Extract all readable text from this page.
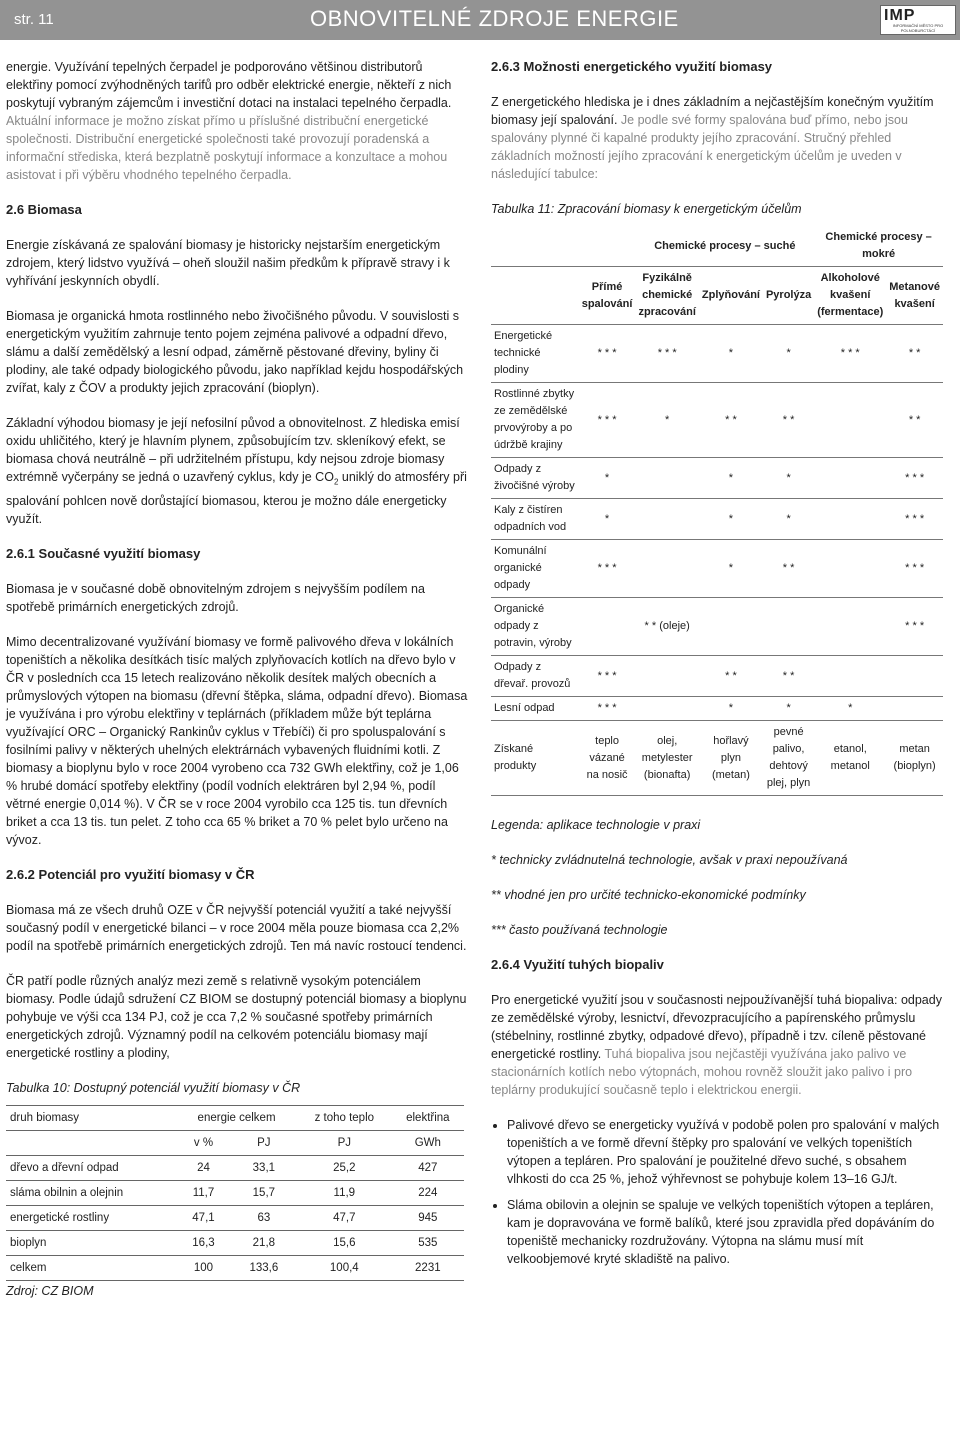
str. 11	OBNOVITELNÉ ZDROJE ENERGIE	IMP
INFORMAČNÍ MĚSTO PRO POLNOBURCTÁCÍ

energie. Využívání tepelných čerpadel je podporováno většinou distributorů elektřiny pomocí zvýhodněných tarifů pro odběr elektrické energie, někteří z nich poskytují vybraným zájemcům i investiční dotaci na instalaci tepelného čerpadla. Aktuální informace je možno získat přímo u příslušné distribuční energetické společnosti. Distribuční energetické společnosti také provozují poradenská a informační střediska, která bezplatně poskytují informace a konzultace a mohou asistovat i při výběru vhodného tepelného čerpadla.

2.6 Biomasa

Energie získávaná ze spalování biomasy je historicky nejstarším energetickým zdrojem, který lidstvo využívá – oheň sloužil našim předkům k přípravě stravy i k vyhřívání jeskynních obydlí.

Biomasa je organická hmota rostlinného nebo živočišného původu. V souvislosti s energetickým využitím zahrnuje tento pojem zejména palivové a odpadní dřevo, slámu a další zemědělský a lesní odpad, záměrně pěstované dřeviny, byliny či plodiny, ale také odpady biologického původu, jako například kejdu hospodářských zvířat, kaly z ČOV a produkty jejich zpracování (bioplyn).

Základní výhodou biomasy je její nefosilní původ a obnovitelnost. Z hlediska emisí oxidu uhličitého, který je hlavním plynem, způsobujícím tzv. skleníkový efekt, se biomasa chová neutrálně – při udržitelném přístupu, kdy nejsou zdroje biomasy extrémně vyčerpány se jedná o uzavřený cyklus, kdy je $CO_2$ uniklý do atmosféry při spalování pohlcen nově dorůstající biomasou, kterou je možno dále energeticky využít.

2.6.1 Současné využití biomasy

Biomasa je v současné době obnovitelným zdrojem s nejvyšším podílem na spotřebě primárních energetických zdrojů.

Mimo decentralizované využívání biomasy ve formě palivového dřeva v lokálních topeništích a několika desítkách tisíc malých zplyňovacích kotlích na dřevo bylo v ČR v posledních cca 15 letech realizováno několik desítek malých obecních a průmyslových výtopen na biomasu (dřevní štěpka, sláma, odpadní dřevo). Biomasa je využívána i pro výrobu elektřiny v teplárnách (příkladem může být teplárna využívající ORC – Organický Rankinův cyklus v Třebíči) či pro spoluspalování s fosilními palivy v některých uhelných elektrárnách vybavených fluidními kotli. Z biomasy a bioplynu bylo v roce 2004 vyrobeno cca 732 GWh elektřiny, což je 1,06 % hrubé domácí spotřeby elektřiny (podíl vodních elektráren byl 2,94 %, podíl větrné energie 0,014 %). V ČR se v roce 2004 vyrobilo cca 125 tis. tun dřevních briket a cca 13 tis. tun pelet. Z toho cca 65 % briket a 70 % pelet bylo určeno na vývoz.

2.6.2 Potenciál pro využití biomasy v ČR

Biomasa má ze všech druhů OZE v ČR nejvyšší potenciál využití a také nejvyšší současný podíl v energetické bilanci – v roce 2004 měla pouze biomasa cca 2,2% podíl na spotřebě primárních energetických zdrojů. Ten má navíc rostoucí tendenci.

ČR patří podle různých analýz mezi země s relativně vysokým potenciálem biomasy. Podle údajů sdružení CZ BIOM se dostupný potenciál biomasy a bioplynu pohybuje ve výši cca 134 PJ, což je cca 7,2 % současné spotřeby primárních energetických zdrojů. Významný podíl na celkovém potenciálu biomasy mají energetické rostliny a plodiny,

Tabulka 10: Dostupný potenciál využití biomasy v ČR
druh biomasy	energie celkem		z toho teplo	elektřina
	v %	PJ	PJ	GWh
dřevo a dřevní odpad	24	33,1	25,2	427
sláma obilnin a olejnin	11,7	15,7	11,9	224
energetické rostliny	47,1	63	47,7	945
bioplyn	16,3	21,8	15,6	535
celkem	100	133,6	100,4	2231
Zdroj: CZ BIOM
2.6.3 Možnosti energetického využití biomasy

Z energetického hlediska je i dnes základním a nejčastějším konečným využitím biomasy její spalování. Je podle své formy spalována buď přímo, nebo jsou spalovány plynné či kapalné produkty jejího zpracování. Stručný přehled základních možností jejího zpracování k energetickým účelům je uveden v následující tabulce:

Tabulka 11: Zpracování biomasy k energetickým účelům
		Chemické procesy – suché			Chemické procesy – mokré	
	Přímé spalování	Fyzikálně chemické zpracování	Zplyňování	Pyrolýza	Alkoholové kvašení (fermentace)	Metanové kvašení
Energetické technické plodiny	* * *	* * *	*	*	* * *	* *
Rostlinné zbytky ze zemědělské prvovýroby a po údržbě krajiny	* * *	*	* *	* *		* *
Odpady z živočišné výroby	*		*	*		* * *
Kaly z čistíren odpadních vod	*		*	*		* * *
Komunální organické odpady	* * *		*	* *		* * *
Organické odpady z potravin, výroby		* * (oleje)				* * *
Odpady z dřevař. provozů	* * *		* *	* *		
Lesní odpad	* * *		*	*	*	
Získané produkty	teplo vázané na nosič	olej, metylester (bionafta)	hořlavý plyn (metan)	pevné palivo, dehtový plej, plyn	etanol, metanol	metan (bioplyn)

Legenda: aplikace technologie v praxi

* technicky zvládnutelná technologie, avšak v praxi nepoužívaná

** vhodné jen pro určité technicko-ekonomické podmínky

*** často používaná technologie

2.6.4 Využití tuhých biopaliv

Pro energetické využití jsou v současnosti nejpoužívanější tuhá biopaliva: odpady ze zemědělské výroby, lesnictví, dřevozpracujícího a papírenského průmyslu (stébelniny, rostlinné zbytky, odpadové dřevo), případně i tzv. cíleně pěstované energetické rostliny. Tuhá biopaliva jsou nejčastěji využívána jako palivo ve stacionárních kotlích nebo výtopnách, mohou rovněž sloužit jako palivo i pro teplárny produkující současně teplo i elektrickou energii.

• Palivové dřevo se energeticky využívá v podobě polen pro spalování v malých topeništích a ve formě dřevní štěpky pro spalování ve velkých topeništích výtopen a tepláren. Pro spalování je použitelné dřevo suché, s obsahem vlhkosti do cca 25 %, jehož výhřevnost se pohybuje kolem 13–16 GJ/t.
• Sláma obilovin a olejnin se spaluje ve velkých topeništích výtopen a tepláren, kam je dopravována ve formě balíků, které jsou zpravidla před dopáváním do topeniště mechanicky rozdružovány. Výtopna na slámu musí mít velkoobjemové kryté skladiště na palivo.
